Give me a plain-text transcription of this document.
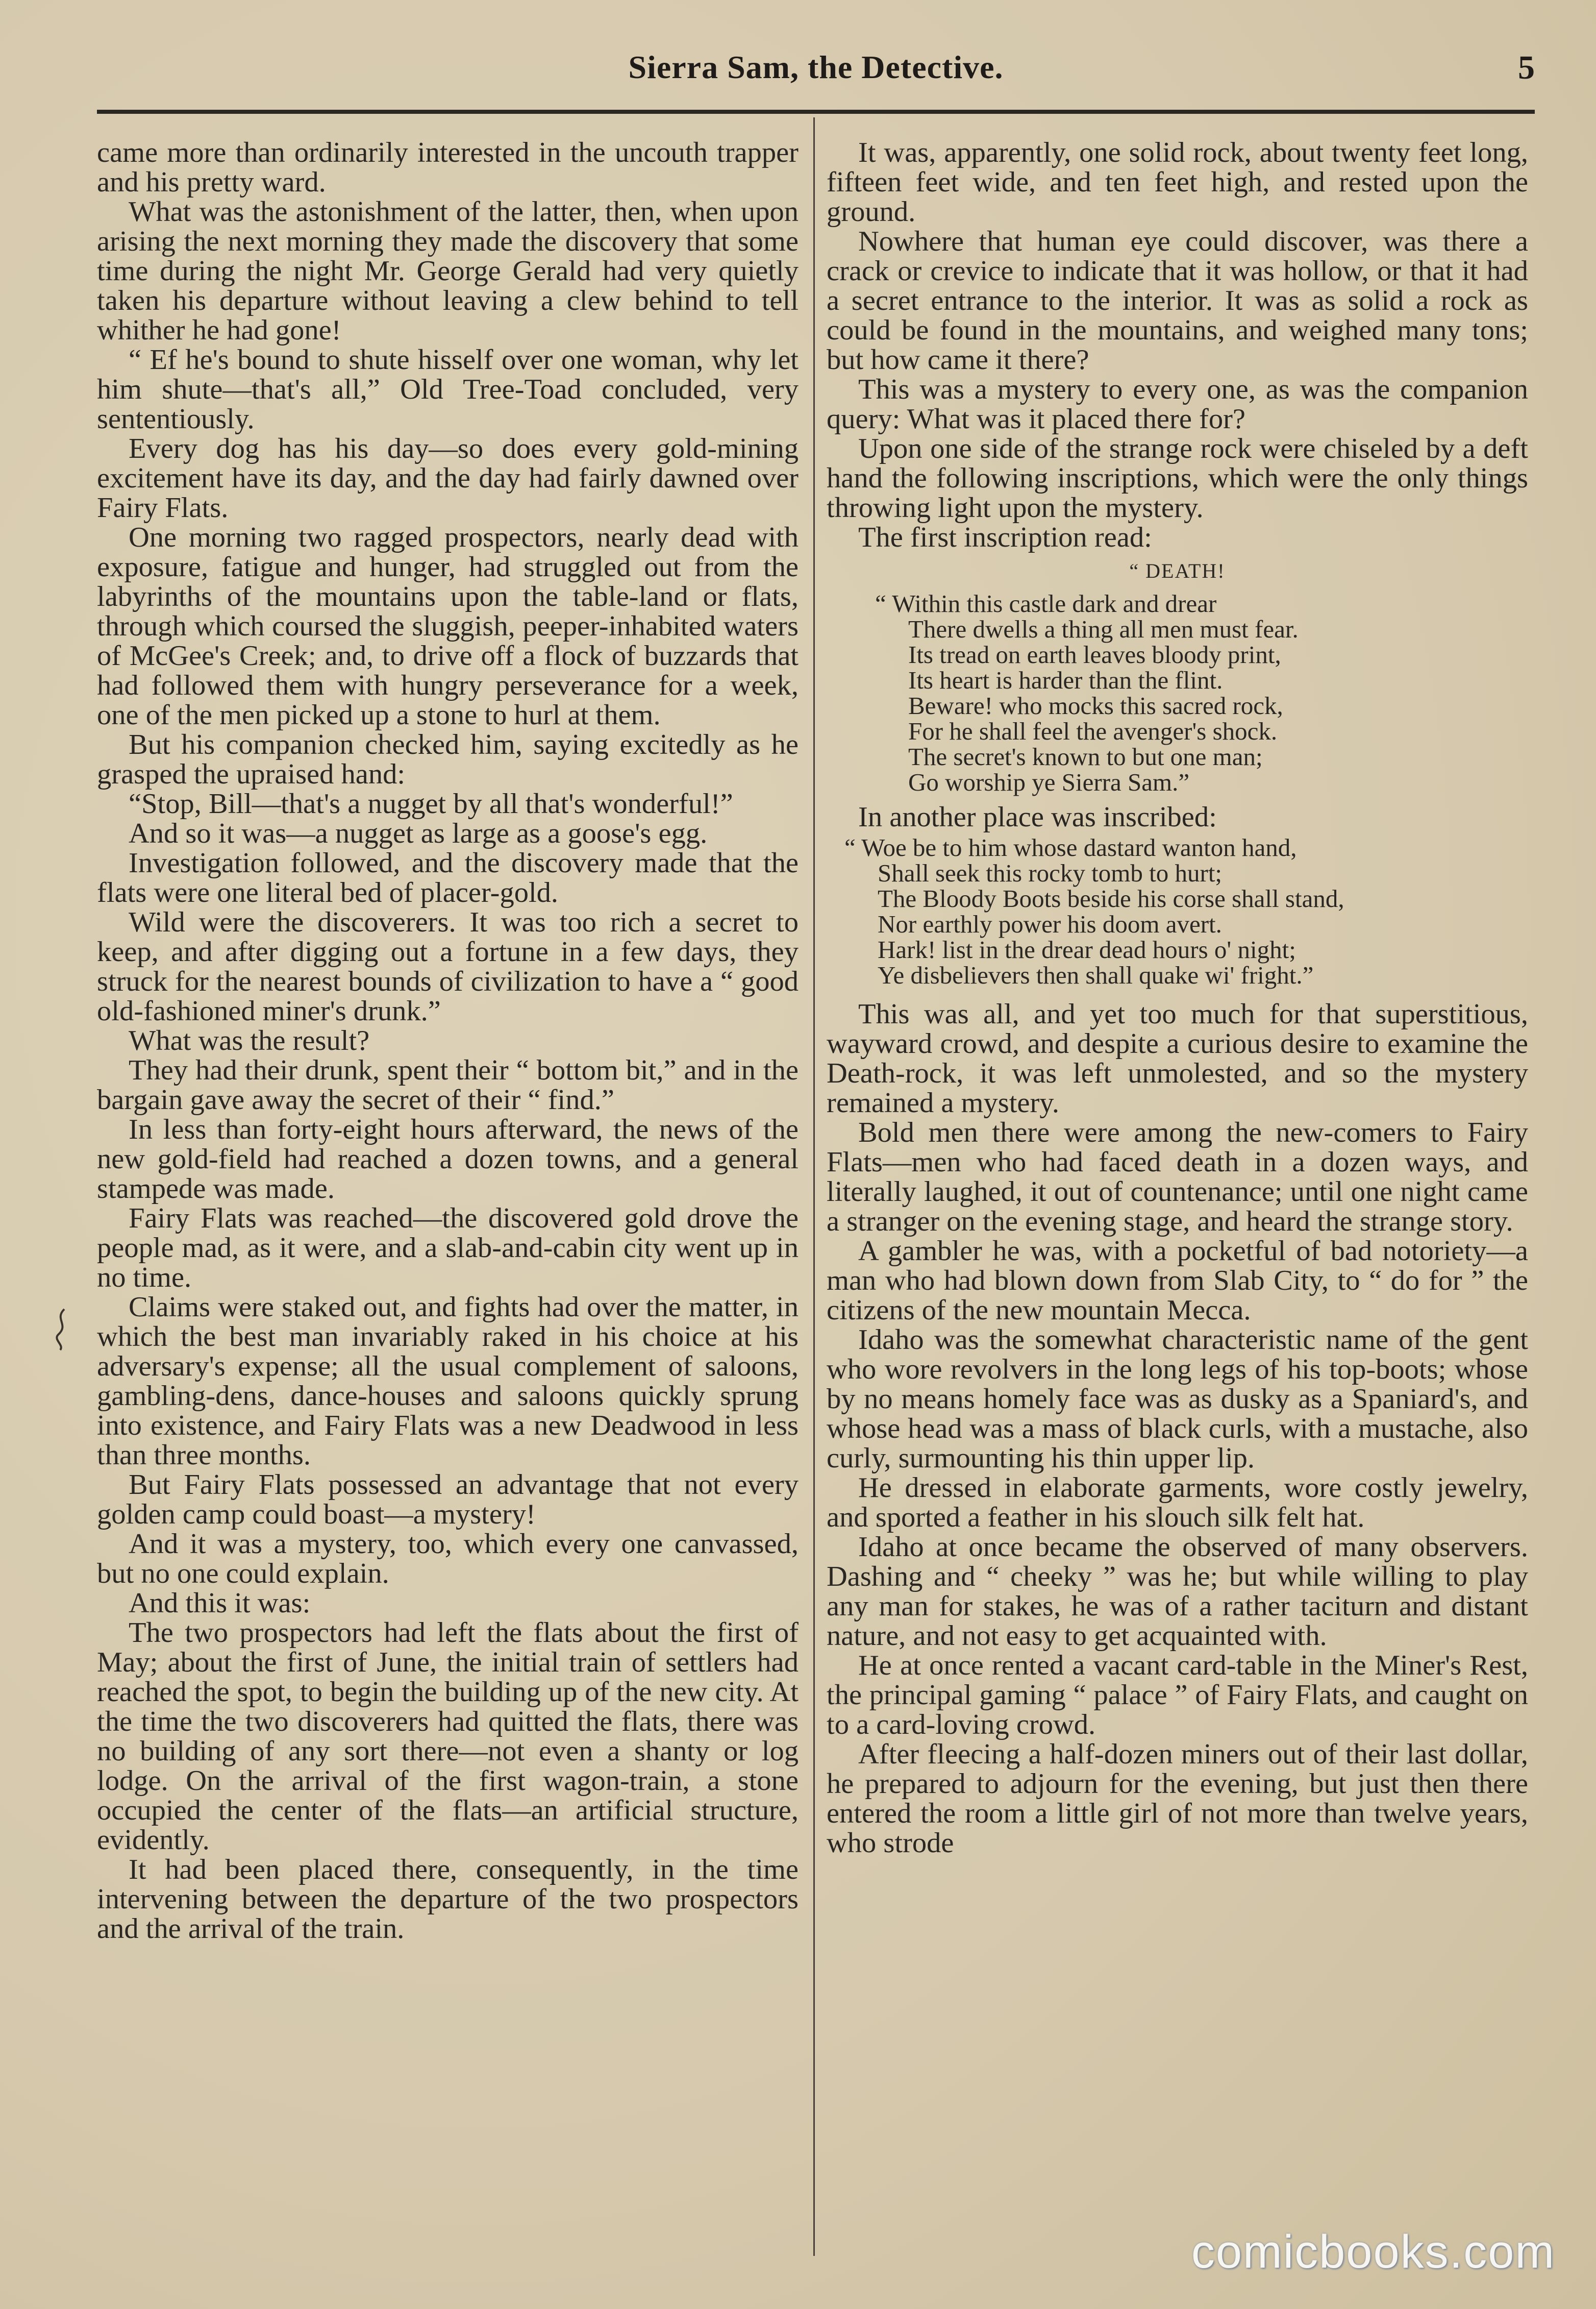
Sierra Sam, the Detective.	5

came more than ordinarily interested in the uncouth trapper and his pretty ward.

What was the astonishment of the latter, then, when upon arising the next morning they made the discovery that some time during the night Mr. George Gerald had very quietly taken his departure without leaving a clew behind to tell whither he had gone!

“ Ef he's bound to shute hisself over one woman, why let him shute—that's all,” Old Tree-Toad concluded, very sententiously.

Every dog has his day—so does every gold-mining excitement have its day, and the day had fairly dawned over Fairy Flats.

One morning two ragged prospectors, nearly dead with exposure, fatigue and hunger, had struggled out from the labyrinths of the mountains upon the table-land or flats, through which coursed the sluggish, peeper-inhabited waters of McGee's Creek; and, to drive off a flock of buzzards that had followed them with hungry perseverance for a week, one of the men picked up a stone to hurl at them.

But his companion checked him, saying excitedly as he grasped the upraised hand:

“Stop, Bill—that's a nugget by all that's wonderful!”

And so it was—a nugget as large as a goose's egg.

Investigation followed, and the discovery made that the flats were one literal bed of placer-gold.

Wild were the discoverers. It was too rich a secret to keep, and after digging out a fortune in a few days, they struck for the nearest bounds of civilization to have a “ good old-fashioned miner's drunk.”

What was the result?

They had their drunk, spent their “ bottom bit,” and in the bargain gave away the secret of their “ find.”

In less than forty-eight hours afterward, the news of the new gold-field had reached a dozen towns, and a general stampede was made.

Fairy Flats was reached—the discovered gold drove the people mad, as it were, and a slab-and-cabin city went up in no time.

Claims were staked out, and fights had over the matter, in which the best man invariably raked in his choice at his adversary's expense; all the usual complement of saloons, gambling-dens, dance-houses and saloons quickly sprung into existence, and Fairy Flats was a new Deadwood in less than three months.

But Fairy Flats possessed an advantage that not every golden camp could boast—a mystery!

And it was a mystery, too, which every one canvassed, but no one could explain.

And this it was:

The two prospectors had left the flats about the first of May; about the first of June, the initial train of settlers had reached the spot, to begin the building up of the new city. At the time the two discoverers had quitted the flats, there was no building of any sort there—not even a shanty or log lodge. On the arrival of the first wagon-train, a stone occupied the center of the flats—an artificial structure, evidently.

It had been placed there, consequently, in the time intervening between the departure of the two prospectors and the arrival of the train.

It was, apparently, one solid rock, about twenty feet long, fifteen feet wide, and ten feet high, and rested upon the ground.

Nowhere that human eye could discover, was there a crack or crevice to indicate that it was hollow, or that it had a secret entrance to the interior. It was as solid a rock as could be found in the mountains, and weighed many tons; but how came it there?

This was a mystery to every one, as was the companion query: What was it placed there for?

Upon one side of the strange rock were chiseled by a deft hand the following inscriptions, which were the only things throwing light upon the mystery.

The first inscription read:

“ DEATH!
“ Within this castle dark and drear
There dwells a thing all men must fear.
Its tread on earth leaves bloody print,
Its heart is harder than the flint.
Beware! who mocks this sacred rock,
For he shall feel the avenger's shock.
The secret's known to but one man;
Go worship ye Sierra Sam.”

In another place was inscribed:

“ Woe be to him whose dastard wanton hand,
Shall seek this rocky tomb to hurt;
The Bloody Boots beside his corse shall stand,
Nor earthly power his doom avert.
Hark! list in the drear dead hours o' night;
Ye disbelievers then shall quake wi' fright.”

This was all, and yet too much for that superstitious, wayward crowd, and despite a curious desire to examine the Death-rock, it was left unmolested, and so the mystery remained a mystery.

Bold men there were among the new-comers to Fairy Flats—men who had faced death in a dozen ways, and literally laughed, it out of countenance; until one night came a stranger on the evening stage, and heard the strange story.

A gambler he was, with a pocketful of bad notoriety—a man who had blown down from Slab City, to “ do for ” the citizens of the new mountain Mecca.

Idaho was the somewhat characteristic name of the gent who wore revolvers in the long legs of his top-boots; whose by no means homely face was as dusky as a Spaniard's, and whose head was a mass of black curls, with a mustache, also curly, surmounting his thin upper lip.

He dressed in elaborate garments, wore costly jewelry, and sported a feather in his slouch silk felt hat.

Idaho at once became the observed of many observers. Dashing and “ cheeky ” was he; but while willing to play any man for stakes, he was of a rather taciturn and distant nature, and not easy to get acquainted with.

He at once rented a vacant card-table in the Miner's Rest, the principal gaming “ palace ” of Fairy Flats, and caught on to a card-loving crowd.

After fleecing a half-dozen miners out of their last dollar, he prepared to adjourn for the evening, but just then there entered the room a little girl of not more than twelve years, who strode

comicbooks.com
